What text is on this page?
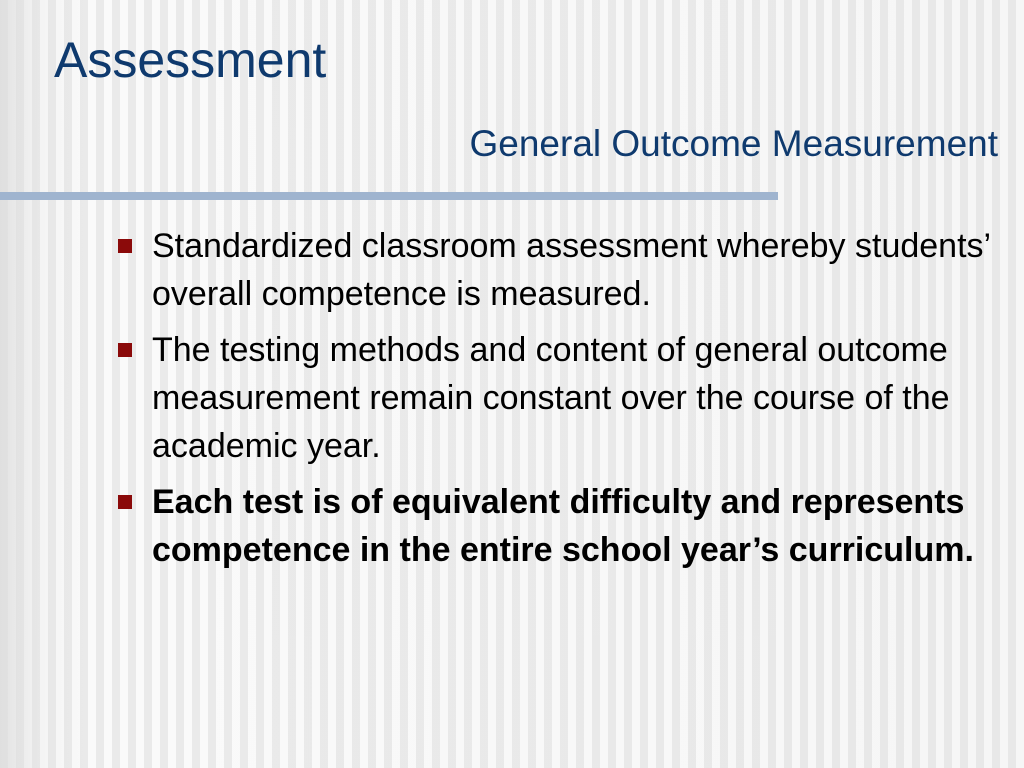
Assessment
General Outcome Measurement
Standardized classroom assessment whereby students’ overall competence is measured.
The testing methods and content of general outcome measurement remain constant over the course of the academic year.
Each test is of equivalent difficulty and represents competence in the entire school year’s curriculum.
